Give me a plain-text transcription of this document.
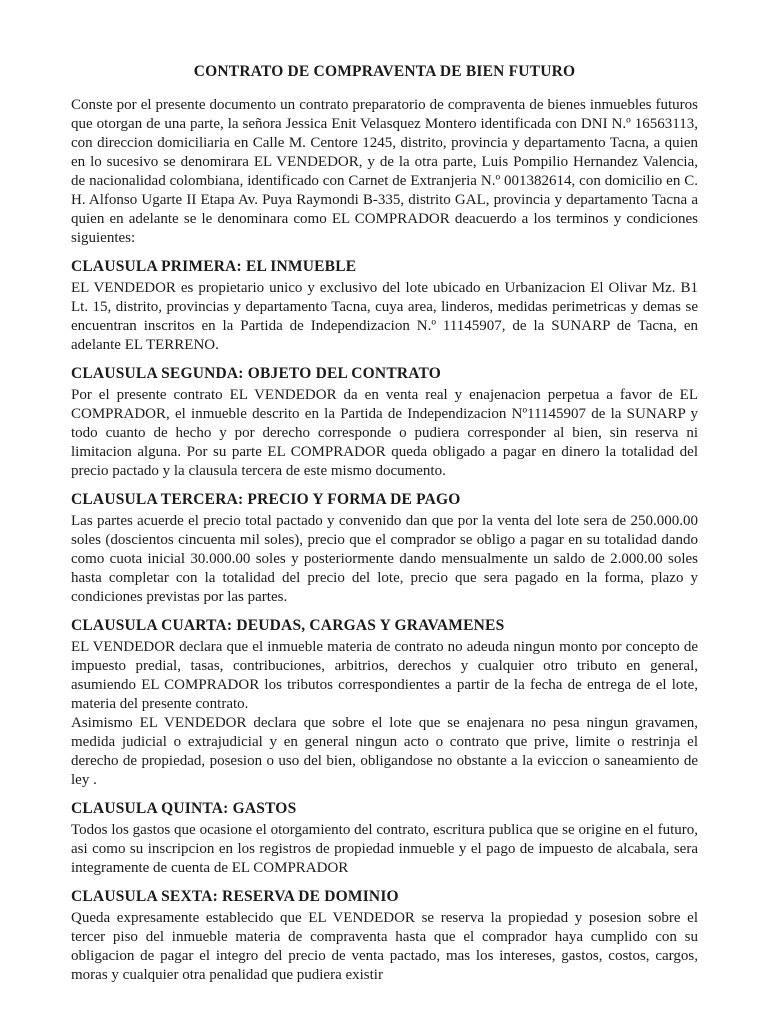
CONTRATO DE COMPRAVENTA DE BIEN FUTURO

Conste por el presente documento un contrato preparatorio de compraventa de bienes inmuebles futuros que otorgan de una parte, la señora Jessica Enit Velasquez Montero identificada con DNI N.º 16563113, con direccion domiciliaria en Calle M. Centore 1245, distrito, provincia y departamento Tacna, a quien en lo sucesivo se denomirara EL VENDEDOR, y de la otra parte, Luis Pompilio Hernandez Valencia, de nacionalidad colombiana, identificado con Carnet de Extranjeria N.º 001382614, con domicilio en C. H. Alfonso Ugarte II Etapa Av. Puya Raymondi B-335, distrito GAL, provincia y departamento Tacna a quien en adelante se le denominara como EL COMPRADOR deacuerdo a los terminos y condiciones siguientes:

CLAUSULA PRIMERA: EL INMUEBLE

EL VENDEDOR es propietario unico y exclusivo del lote ubicado en Urbanizacion El Olivar Mz. B1 Lt. 15, distrito, provincias y departamento Tacna, cuya area, linderos, medidas perimetricas y demas se encuentran inscritos en la Partida de Independizacion N.º 11145907, de la SUNARP de Tacna, en adelante EL TERRENO.

CLAUSULA SEGUNDA: OBJETO DEL CONTRATO

Por el presente contrato EL VENDEDOR da en venta real y enajenacion perpetua a favor de EL COMPRADOR, el inmueble descrito en la Partida de Independizacion Nº11145907 de la SUNARP y todo cuanto de hecho y por derecho corresponde o pudiera corresponder al bien, sin reserva ni limitacion alguna. Por su parte EL COMPRADOR queda obligado a pagar en dinero la totalidad del precio pactado y la clausula tercera de este mismo documento.

CLAUSULA TERCERA: PRECIO Y FORMA DE PAGO

Las partes acuerde el precio total pactado y convenido dan que por la venta del lote sera de 250.000.00 soles (doscientos cincuenta mil soles), precio que el comprador se obligo a pagar en su totalidad dando como cuota inicial 30.000.00 soles y posteriormente dando mensualmente un saldo de 2.000.00 soles hasta completar con la totalidad del precio del lote, precio que sera pagado en la forma, plazo y condiciones previstas por las partes.

CLAUSULA CUARTA: DEUDAS, CARGAS Y GRAVAMENES

EL VENDEDOR declara que el inmueble materia de contrato no adeuda ningun monto por concepto de impuesto predial, tasas, contribuciones, arbitrios, derechos y cualquier otro tributo en general, asumiendo EL COMPRADOR los tributos correspondientes a partir de la fecha de entrega de el lote, materia del presente contrato.

Asimismo EL VENDEDOR declara que sobre el lote que se enajenara no pesa ningun gravamen, medida judicial o extrajudicial y en general ningun acto o contrato que prive, limite o restrinja el derecho de propiedad, posesion o uso del bien, obligandose no obstante a la eviccion o saneamiento de ley .

CLAUSULA QUINTA: GASTOS

Todos los gastos que ocasione el otorgamiento del contrato, escritura publica que se origine en el futuro, asi como su inscripcion en los registros de propiedad inmueble y el pago de impuesto de alcabala, sera integramente de cuenta de EL COMPRADOR

CLAUSULA SEXTA: RESERVA DE DOMINIO

Queda expresamente establecido que EL VENDEDOR se reserva la propiedad y posesion sobre el tercer piso del inmueble materia de compraventa hasta que el comprador haya cumplido con su obligacion de pagar el integro del precio de venta pactado, mas los intereses, gastos, costos, cargos, moras y cualquier otra penalidad que pudiera existir
